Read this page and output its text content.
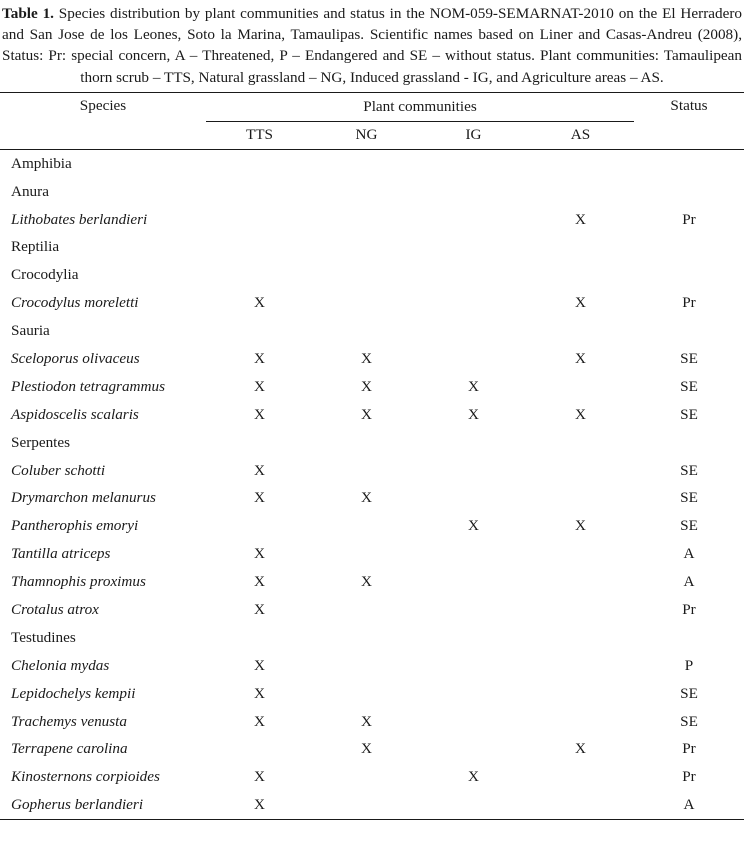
Table 1. Species distribution by plant communities and status in the NOM-059-SEMARNAT-2010 on the El Herradero and San Jose de los Leones, Soto la Marina, Tamaulipas. Scientific names based on Liner and Casas-Andreu (2008), Status: Pr: special concern, A – Threatened, P – Endangered and SE – without status. Plant communities: Tamaulipean thorn scrub – TTS, Natural grassland – NG, Induced grassland - IG, and Agriculture areas – AS.
Species	Plant communities				Status
	TTS	NG	IG	AS	
Amphibia					
Anura					
Lithobates berlandieri				X	Pr
Reptilia					
Crocodylia					
Crocodylus moreletti	X			X	Pr
Sauria					
Sceloporus olivaceus	X	X		X	SE
Plestiodon tetragrammus	X	X	X		SE
Aspidoscelis scalaris	X	X	X	X	SE
Serpentes					
Coluber schotti	X				SE
Drymarchon melanurus	X	X			SE
Pantherophis emoryi			X	X	SE
Tantilla atriceps	X				A
Thamnophis proximus	X	X			A
Crotalus atrox	X				Pr
Testudines					
Chelonia mydas	X				P
Lepidochelys kempii	X				SE
Trachemys venusta	X	X			SE
Terrapene carolina		X		X	Pr
Kinosternons corpioides	X		X		Pr
Gopherus berlandieri	X				A
